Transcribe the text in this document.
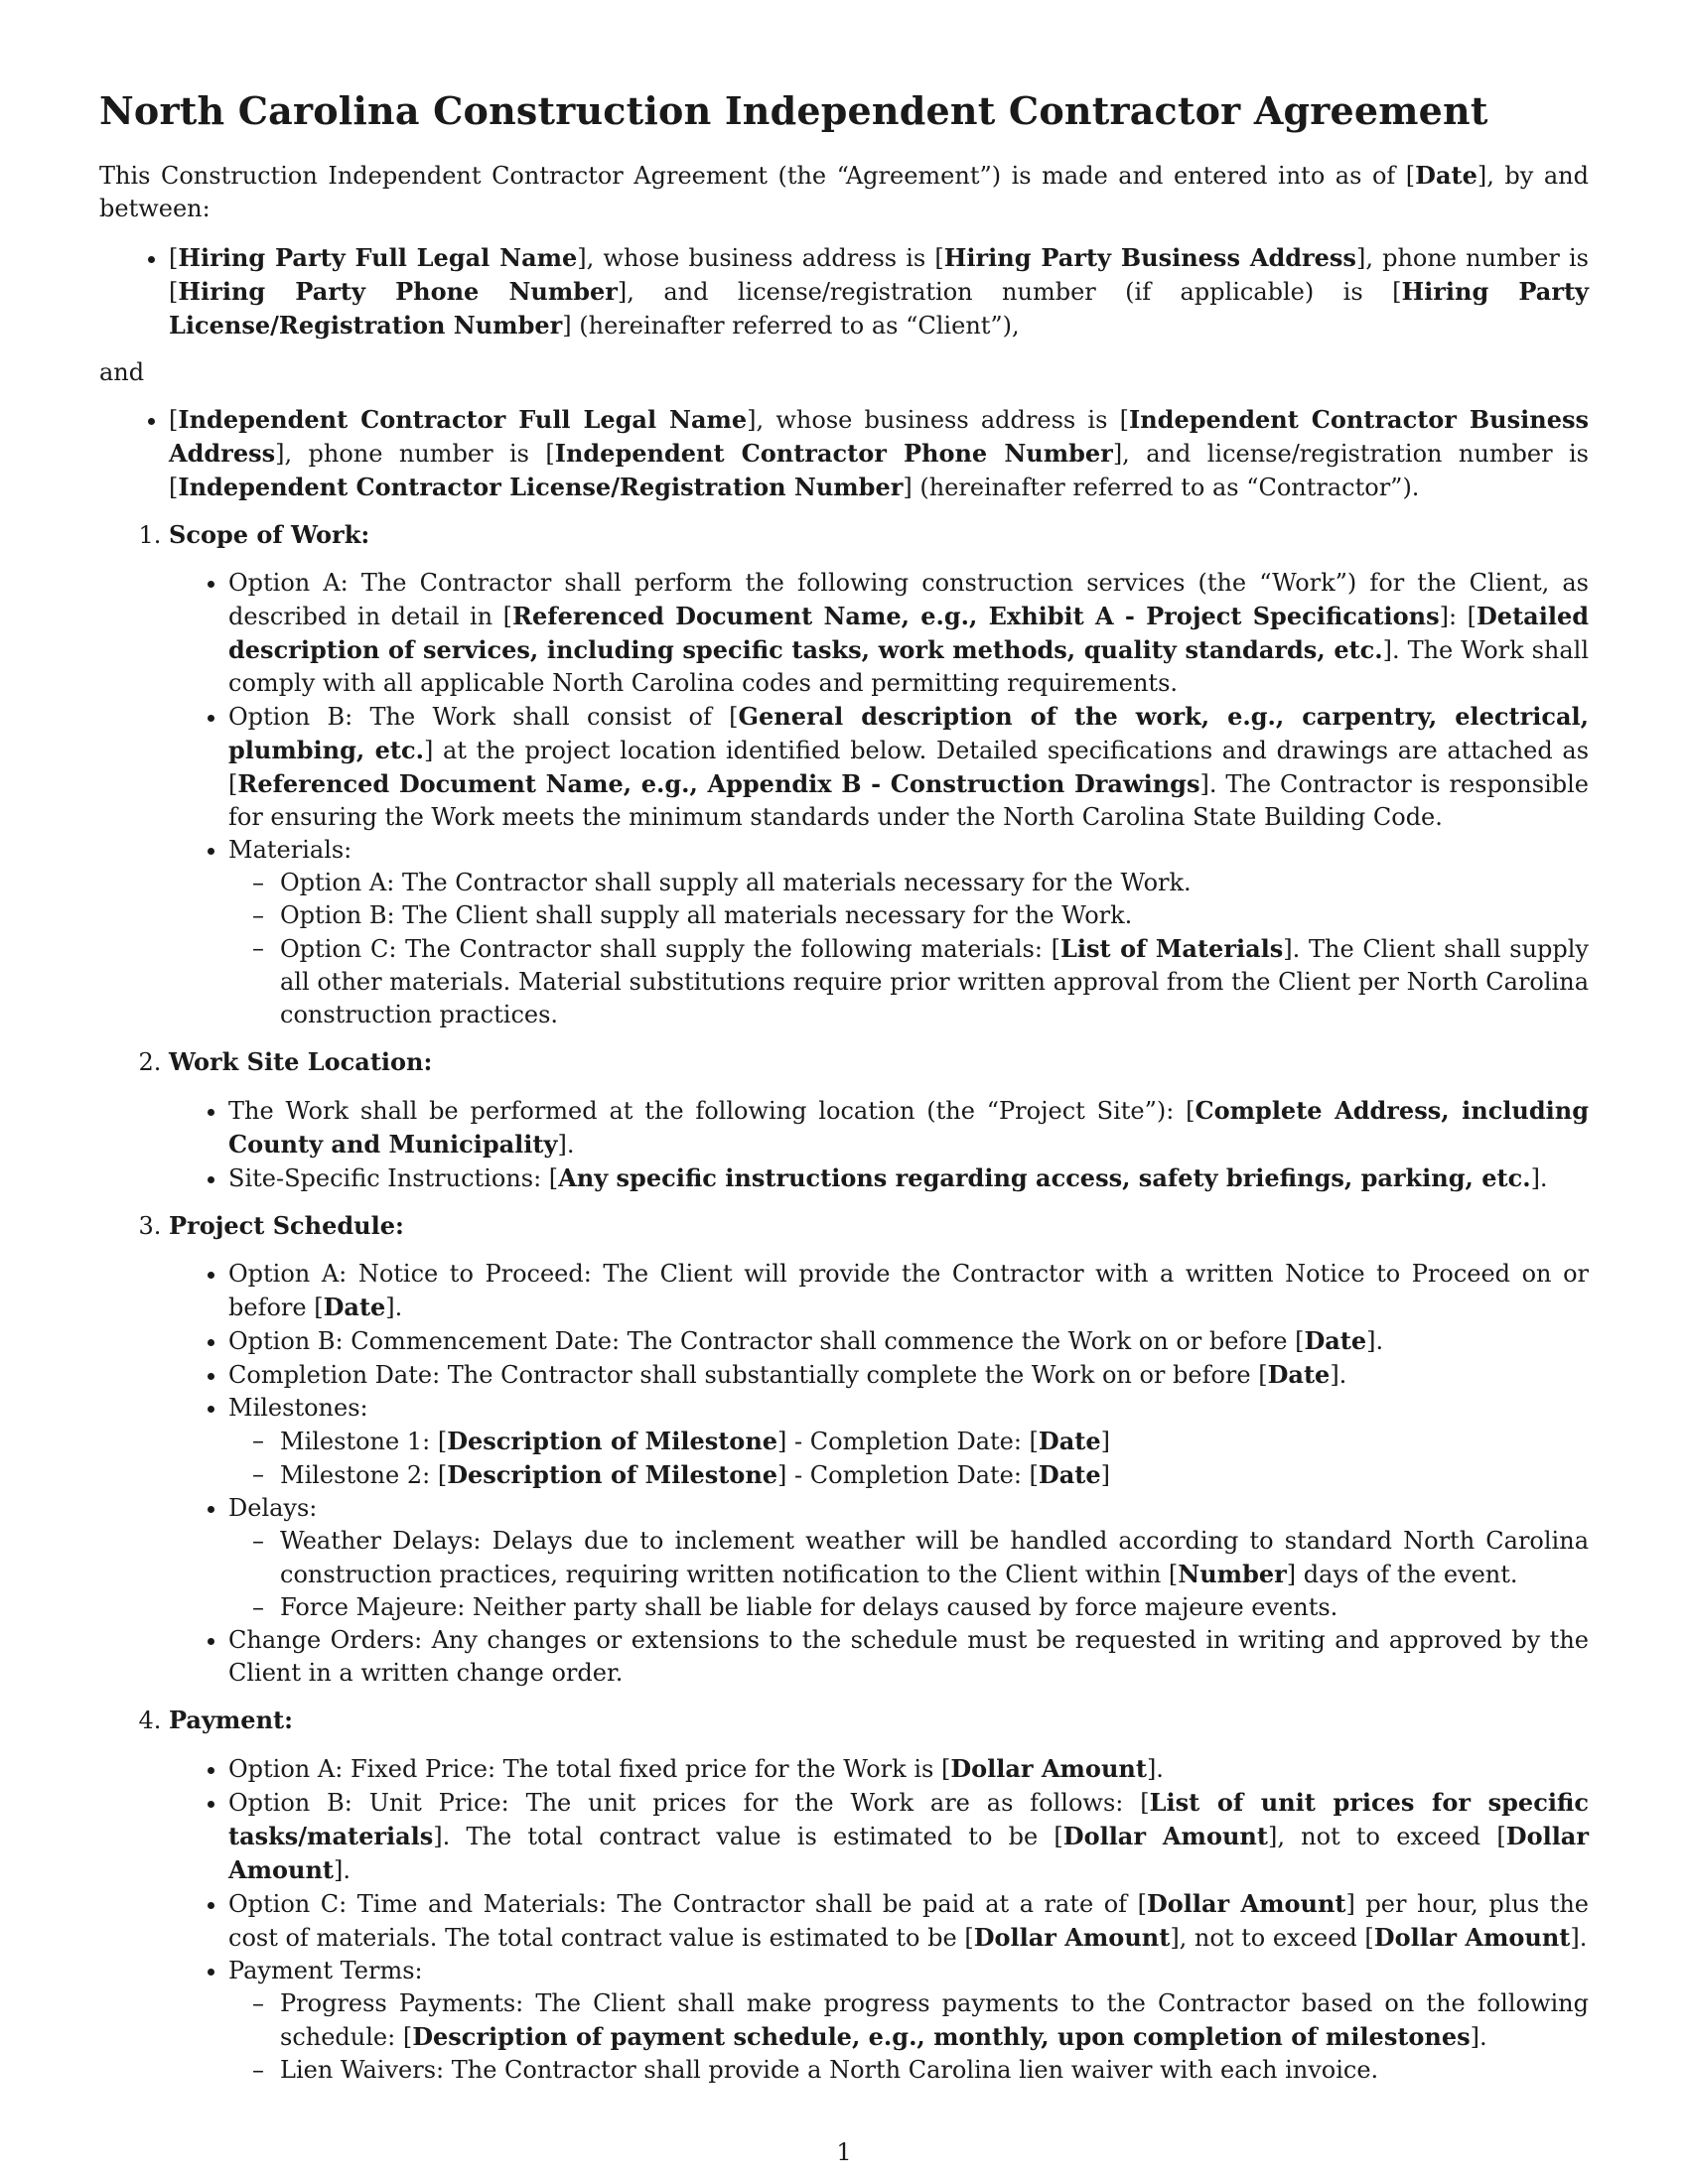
North Carolina Construction Independent Contractor Agreement

This Construction Independent Contractor Agreement (the “Agreement”) is made and entered into as of [Date], by and between:

• [Hiring Party Full Legal Name], whose business address is [Hiring Party Business Address], phone number is [Hiring Party Phone Number], and license/registration number (if applicable) is [Hiring Party License/Registration Number] (hereinafter referred to as “Client”),

and

• [Independent Contractor Full Legal Name], whose business address is [Independent Contractor Business Address], phone number is [Independent Contractor Phone Number], and license/registration number is [Independent Contractor License/Registration Number] (hereinafter referred to as “Contractor”).
1. Scope of Work:
• Option A: The Contractor shall perform the following construction services (the “Work”) for the Client, as described in detail in [Referenced Document Name, e.g., Exhibit A - Project Specifications]: [Detailed description of services, including specific tasks, work methods, quality standards, etc.]. The Work shall comply with all applicable North Carolina codes and permitting requirements.
• Option B: The Work shall consist of [General description of the work, e.g., carpentry, electrical, plumbing, etc.] at the project location identified below. Detailed specifications and drawings are attached as [Referenced Document Name, e.g., Appendix B - Construction Drawings]. The Contractor is responsible for ensuring the Work meets the minimum standards under the North Carolina State Building Code.
• Materials:
– Option A: The Contractor shall supply all materials necessary for the Work.
– Option B: The Client shall supply all materials necessary for the Work.
– Option C: The Contractor shall supply the following materials: [List of Materials]. The Client shall supply all other materials. Material substitutions require prior written approval from the Client per North Carolina construction practices.
2. Work Site Location:
• The Work shall be performed at the following location (the “Project Site”): [Complete Address, including County and Municipality].
• Site-Specific Instructions: [Any specific instructions regarding access, safety briefings, parking, etc.].
3. Project Schedule:
• Option A: Notice to Proceed: The Client will provide the Contractor with a written Notice to Proceed on or before [Date].
• Option B: Commencement Date: The Contractor shall commence the Work on or before [Date].
• Completion Date: The Contractor shall substantially complete the Work on or before [Date].
• Milestones:
– Milestone 1: [Description of Milestone] - Completion Date: [Date]
– Milestone 2: [Description of Milestone] - Completion Date: [Date]
• Delays:
– Weather Delays: Delays due to inclement weather will be handled according to standard North Carolina construction practices, requiring written notification to the Client within [Number] days of the event.
– Force Majeure: Neither party shall be liable for delays caused by force majeure events.
• Change Orders: Any changes or extensions to the schedule must be requested in writing and approved by the Client in a written change order.
4. Payment:
• Option A: Fixed Price: The total fixed price for the Work is [Dollar Amount].
• Option B: Unit Price: The unit prices for the Work are as follows: [List of unit prices for specific tasks/materials]. The total contract value is estimated to be [Dollar Amount], not to exceed [Dollar Amount].
• Option C: Time and Materials: The Contractor shall be paid at a rate of [Dollar Amount] per hour, plus the cost of materials. The total contract value is estimated to be [Dollar Amount], not to exceed [Dollar Amount].
• Payment Terms:
– Progress Payments: The Client shall make progress payments to the Contractor based on the following schedule: [Description of payment schedule, e.g., monthly, upon completion of milestones].
– Lien Waivers: The Contractor shall provide a North Carolina lien waiver with each invoice.
1
